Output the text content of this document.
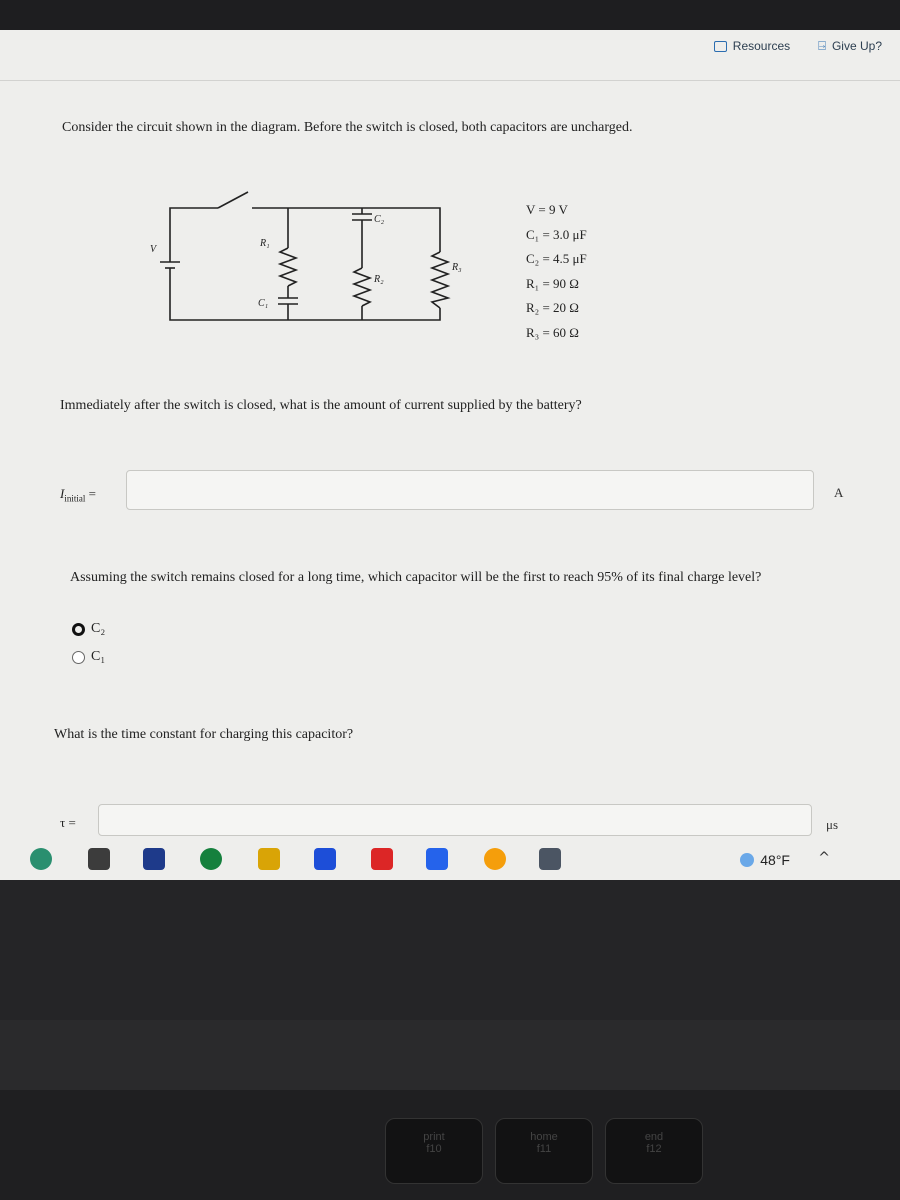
Resources ⍈ Give Up?
Consider the circuit shown in the diagram. Before the switch is closed, both capacitors are uncharged.
V
R₁
C₁
C₂
R₂
R₃
V = 9 V
C₁ = 3.0 μF
C₂ = 4.5 μF
R₁ = 90 Ω
R₂ = 20 Ω
R₃ = 60 Ω
Immediately after the switch is closed, what is the amount of current supplied by the battery?
$I_{initial}$ =	A
Assuming the switch remains closed for a long time, which capacitor will be the first to reach 95% of its final charge level?
C₂
C₁
What is the time constant for charging this capacitor?
τ =	μs
48°F ^
print
f10
home
f11
end
f12
